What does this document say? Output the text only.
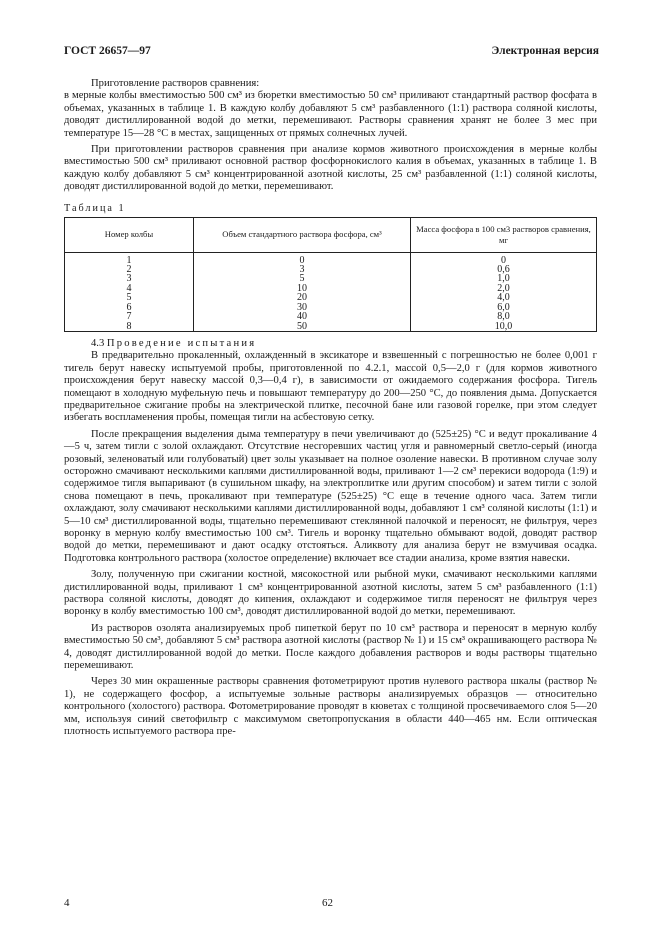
ГОСТ 26657—97	Электронная версия

Приготовление растворов сравнения:

в мерные колбы вместимостью 500 см³ из бюретки вместимостью 50 см³ приливают стандартный раствор фосфата в объемах, указанных в таблице 1. В каждую колбу добавляют 5 см³ разбавленного (1:1) раствора соляной кислоты, доводят дистиллированной водой до метки, перемешивают. Растворы сравнения хранят не более 3 мес при температуре 15—28 °С в местах, защищенных от прямых солнечных лучей.

При приготовлении растворов сравнения при анализе кормов животного происхождения в мерные колбы вместимостью 500 см³ приливают основной раствор фосфорнокислого калия в объемах, указанных в таблице 1. В каждую колбу добавляют 5 см³ концентрированной азотной кислоты, 25 см³ разбавленной (1:1) соляной кислоты, доводят дистиллированной водой до метки, перемешивают.

Таблица 1
Номер колбы	Объем стандартного раствора фосфора, см³	Масса фосфора в 100 см3 растворов сравнения, мг
1	0	0
2	3	0,6
3	5	1,0
4	10	2,0
5	20	4,0
6	30	6,0
7	40	8,0
8	50	10,0

4.3 Проведение испытания

В предварительно прокаленный, охлажденный в эксикаторе и взвешенный с погрешностью не более 0,001 г тигель берут навеску испытуемой пробы, приготовленной по 4.2.1, массой 0,5—2,0 г (для кормов животного происхождения берут навеску массой 0,3—0,4 г), в зависимости от ожидаемого содержания фосфора. Тигель помещают в холодную муфельную печь и повышают температуру до 200—250 °С, до появления дыма. Допускается предварительное сжигание пробы на электрической плитке, песочной бане или газовой горелке, при этом следует избегать воспламенения пробы, помещая тигли на асбестовую сетку.

После прекращения выделения дыма температуру в печи увеличивают до (525±25) °С и ведут прокаливание 4—5 ч, затем тигли с золой охлаждают. Отсутствие несгоревших частиц угля и равномерный светло-серый (иногда розовый, зеленоватый или голубоватый) цвет золы указывает на полное озоление навески. В противном случае золу осторожно смачивают несколькими каплями дистиллированной воды, приливают 1—2 см³ перекиси водорода (1:9) и содержимое тигля выпаривают (в сушильном шкафу, на электроплитке или другим способом) и затем тигли с золой снова помещают в печь, прокаливают при температуре (525±25) °С еще в течение одного часа. Затем тигли охлаждают, золу смачивают несколькими каплями дистиллированной воды, добавляют 1 см³ соляной кислоты (1:1) и 5—10 см³ дистиллированной воды, тщательно перемешивают стеклянной палочкой и переносят, не фильтруя, через воронку в мерную колбу вместимостью 100 см³. Тигель и воронку тщательно обмывают водой, доводят раствор водой до метки, перемешивают и дают осадку отстояться. Аликвоту для анализа берут не взмучивая осадка. Подготовка контрольного раствора (холостое определение) включает все стадии анализа, кроме взятия навески.

Золу, полученную при сжигании костной, мясокостной или рыбной муки, смачивают несколькими каплями дистиллированной воды, приливают 1 см³ концентрированной азотной кислоты, затем 5 см³ разбавленного (1:1) раствора соляной кислоты, доводят до кипения, охлаждают и содержимое тигля переносят не фильтруя через воронку в колбу вместимостью 100 см³, доводят дистиллированной водой до метки, перемешивают.

Из растворов озолята анализируемых проб пипеткой берут по 10 см³ раствора и переносят в мерную колбу вместимостью 50 см³, добавляют 5 см³ раствора азотной кислоты (раствор № 1) и 15 см³ окрашивающего раствора № 4, доводят дистиллированной водой до метки. После каждого добавления растворов и воды растворы тщательно перемешивают.

Через 30 мин окрашенные растворы сравнения фотометрируют против нулевого раствора шкалы (раствор № 1), не содержащего фосфор, а испытуемые зольные растворы анализируемых образцов — относительно контрольного (холостого) раствора. Фотометрирование проводят в кюветах с толщиной просвечиваемого слоя 5—20 мм, используя синий светофильтр с максимумом светопропускания в области 440—465 нм. Если оптическая плотность испытуемого раствора пре-

4	62
